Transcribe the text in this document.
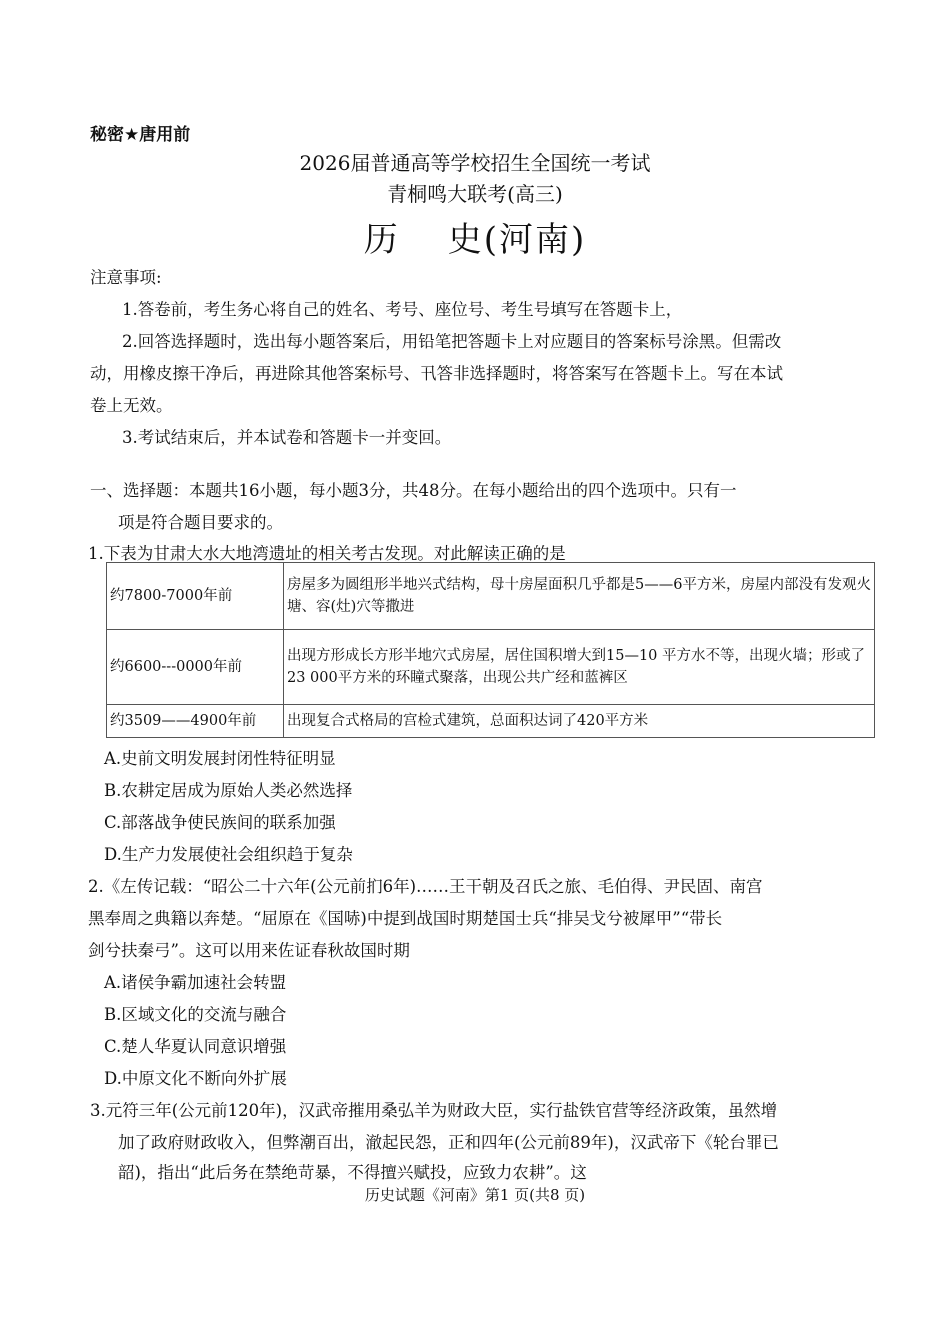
秘密★唐用前
2026届普通高等学校招生全国统一考试
青桐鸣大联考(高三)
历 史(河南)
注意事项:
1.答卷前，考生务心将自己的姓名、考号、座位号、考生号填写在答题卡上，
2.回答选择题时，选出每小题答案后，用铅笔把答题卡上对应题目的答案标号涂黑。但需改
动，用橡皮擦干净后，再进除其他答案标号、卂答非选择题时，将答案写在答题卡上。写在本试
卷上无效。
3.考试结束后，并本试卷和答题卡一并变回。
一、选择题：本题共16小题，每小题3分，共48分。在每小题给出的四个选项中。只有一
项是符合题目要求的。
1.下表为甘肃大水大地湾遗址的相关考古发现。对此解读正确的是
约7800-7000年前	房屋多为圆组形半地兴式结构，母十房屋面积几乎都是5——6平方米，房屋内部没有发观火塘、容(灶)穴等撒进
约6600---0000年前	出现方形成长方形半地穴式房屋，居住国积增大到15—10 平方水不等，出现火墙；形或了23 000平方米的环瞳式聚落，出现公共广经和蓝裤区
约3509——4900年前	出现复合式格局的宫检式建筑，总面积达词了420平方米
A.史前文明发展封闭性特征明显
B.农耕定居成为原始人类必然选择
C.部落战争使民族间的联系加强
D.生产力发展使社会组织趋于复杂
2.《左传记载：“昭公二十六年(公元前扪6年)……王干朝及召氏之旅、毛伯得、尹民固、南宫
黑奉周之典籍以奔楚。“屈原在《国哧)中提到战国时期楚国士兵“排吴戈兮被犀甲”“带长
剑兮扶秦弓”。这可以用来佐证春秋故国时期
A.诸侯争霸加速社会转盟
B.区域文化的交流与融合
C.楚人华夏认同意识增强
D.中原文化不断向外扩展
3.元符三年(公元前120年)，汉武帝摧用桑弘羊为财政大臣，实行盐铁官营等经济政策，虽然增
加了政府财政收入，但弊潮百出，澈起民怨，正和四年(公元前89年)，汉武帝下《轮台罪已
韶)，指出“此后务在禁绝苛暴，不得擅兴赋投，应致力农耕”。这
历史试题《河南》第1 页(共8 页)
